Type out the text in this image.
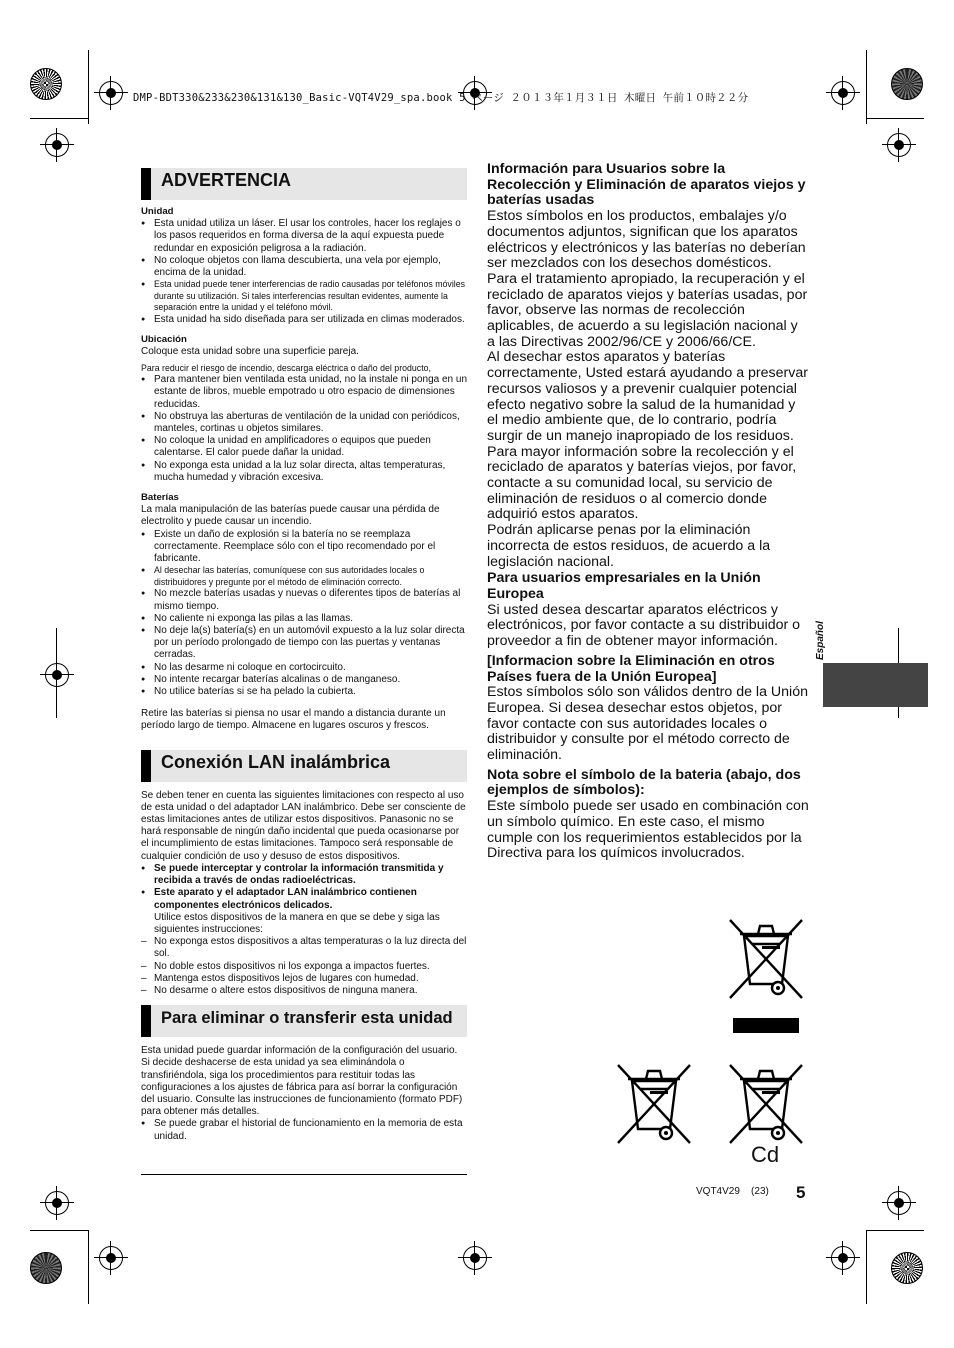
DMP-BDT330&233&230&131&130_Basic-VQT4V29_spa.book 5 ページ ２０１３年１月３１日 木曜日 午前１０時２２分
ADVERTENCIA
Unidad
● Esta unidad utiliza un láser. El usar los controles, hacer los reglajes o los pasos requeridos en forma diversa de la aquí expuesta puede redundar en exposición peligrosa a la radiación.
● No coloque objetos con llama descubierta, una vela por ejemplo, encima de la unidad.
● Esta unidad puede tener interferencias de radio causadas por teléfonos móviles durante su utilización. Si tales interferencias resultan evidentes, aumente la separación entre la unidad y el teléfono móvil.
● Esta unidad ha sido diseñada para ser utilizada en climas moderados.
Ubicación

Coloque esta unidad sobre una superficie pareja.

Para reducir el riesgo de incendio, descarga eléctrica o daño del producto,

● Para mantener bien ventilada esta unidad, no la instale ni ponga en un estante de libros, mueble empotrado u otro espacio de dimensiones reducidas.
● No obstruya las aberturas de ventilación de la unidad con periódicos, manteles, cortinas u objetos similares.
● No coloque la unidad en amplificadores o equipos que pueden calentarse. El calor puede dañar la unidad.
● No exponga esta unidad a la luz solar directa, altas temperaturas, mucha humedad y vibración excesiva.
Baterías

La mala manipulación de las baterías puede causar una pérdida de electrolito y puede causar un incendio.

● Existe un daño de explosión si la batería no se reemplaza correctamente. Reemplace sólo con el tipo recomendado por el fabricante.
● Al desechar las baterías, comuníquese con sus autoridades locales o distribuidores y pregunte por el método de eliminación correcto.
● No mezcle baterías usadas y nuevas o diferentes tipos de baterías al mismo tiempo.
● No caliente ni exponga las pilas a las llamas.
● No deje la(s) batería(s) en un automóvil expuesto a la luz solar directa por un período prolongado de tiempo con las puertas y ventanas cerradas.
● No las desarme ni coloque en cortocircuito.
● No intente recargar baterías alcalinas o de manganeso.
● No utilice baterías si se ha pelado la cubierta.

Retire las baterías si piensa no usar el mando a distancia durante un período largo de tiempo. Almacene en lugares oscuros y frescos.

Conexión LAN inalámbrica

Se deben tener en cuenta las siguientes limitaciones con respecto al uso de esta unidad o del adaptador LAN inalámbrico. Debe ser consciente de estas limitaciones antes de utilizar estos dispositivos. Panasonic no se hará responsable de ningún daño incidental que pueda ocasionarse por el incumplimiento de estas limitaciones. Tampoco será responsable de cualquier condición de uso y desuso de estos dispositivos.

● Se puede interceptar y controlar la información transmitida y recibida a través de ondas radioeléctricas.
● Este aparato y el adaptador LAN inalámbrico contienen componentes electrónicos delicados.
Utilice estos dispositivos de la manera en que se debe y siga las siguientes instrucciones:
– No exponga estos dispositivos a altas temperaturas o la luz directa del sol.
– No doble estos dispositivos ni los exponga a impactos fuertes.
– Mantenga estos dispositivos lejos de lugares con humedad.
– No desarme o altere estos dispositivos de ninguna manera.
Para eliminar o transferir esta unidad

Esta unidad puede guardar información de la configuración del usuario. Si decide deshacerse de esta unidad ya sea eliminándola o transfiriéndola, siga los procedimientos para restituir todas las configuraciones a los ajustes de fábrica para así borrar la configuración del usuario. Consulte las instrucciones de funcionamiento (formato PDF) para obtener más detalles.

● Se puede grabar el historial de funcionamiento en la memoria de esta unidad.
Información para Usuarios sobre la Recolección y Eliminación de aparatos viejos y baterías usadas

Estos símbolos en los productos, embalajes y/o documentos adjuntos, significan que los aparatos eléctricos y electrónicos y las baterías no deberían ser mezclados con los desechos domésticos.

Para el tratamiento apropiado, la recuperación y el reciclado de aparatos viejos y baterías usadas, por favor, observe las normas de recolección aplicables, de acuerdo a su legislación nacional y a las Directivas 2002/96/CE y 2006/66/CE.

Al desechar estos aparatos y baterías correctamente, Usted estará ayudando a preservar recursos valiosos y a prevenir cualquier potencial efecto negativo sobre la salud de la humanidad y el medio ambiente que, de lo contrario, podría surgir de un manejo inapropiado de los residuos.

Para mayor información sobre la recolección y el reciclado de aparatos y baterías viejos, por favor, contacte a su comunidad local, su servicio de eliminación de residuos o al comercio donde adquirió estos aparatos.

Podrán aplicarse penas por la eliminación incorrecta de estos residuos, de acuerdo a la legislación nacional.

Para usuarios empresariales en la Unión Europea

Si usted desea descartar aparatos eléctricos y electrónicos, por favor contacte a su distribuidor o proveedor a fin de obtener mayor información.

[Informacion sobre la Eliminación en otros Países fuera de la Unión Europea]

Estos símbolos sólo son válidos dentro de la Unión Europea. Si desea desechar estos objetos, por favor contacte con sus autoridades locales o distribuidor y consulte por el método correcto de eliminación.

Nota sobre el símbolo de la bateria (abajo, dos ejemplos de símbolos):

Este símbolo puede ser usado en combinación con un símbolo químico. En este caso, el mismo cumple con los requerimientos establecidos por la Directiva para los químicos involucrados.

Cd
Español
VQT4V29 (23) 5
